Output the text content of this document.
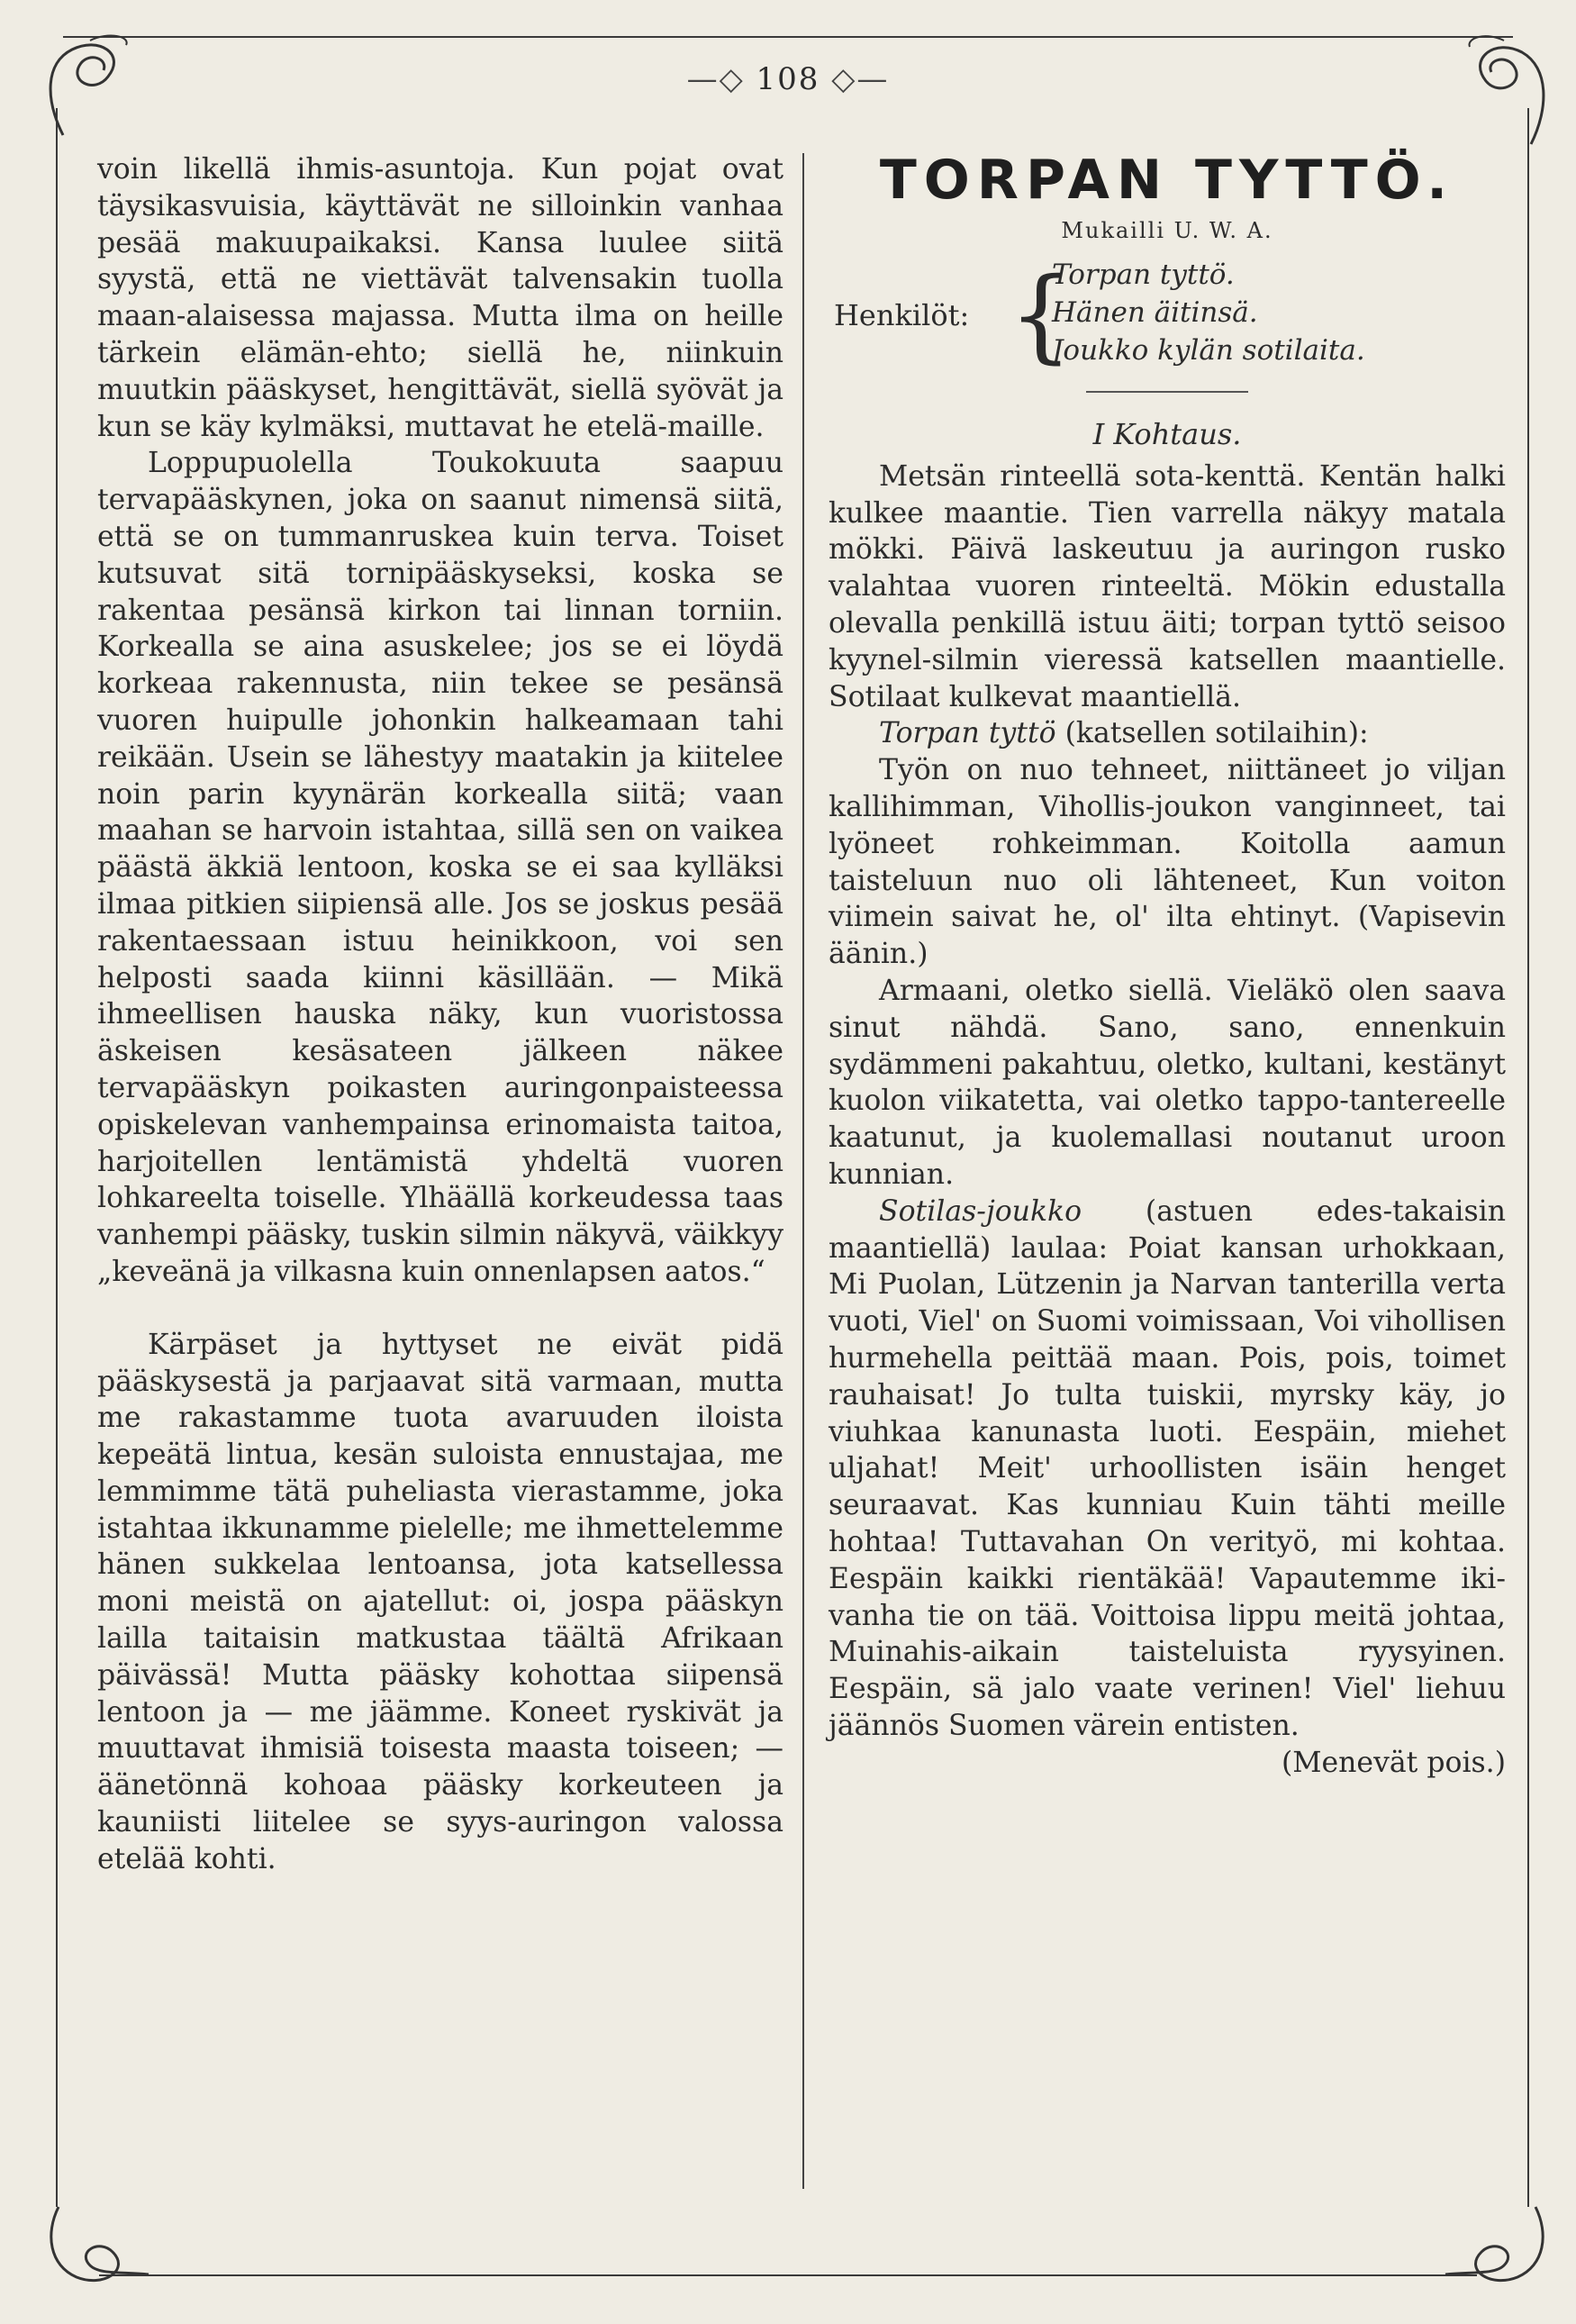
—◇ 108 ◇—

voin likellä ihmis-asuntoja. Kun pojat ovat täysikasvuisia, käyttävät ne silloinkin vanhaa pesää makuupaikaksi. Kansa luulee siitä syystä, että ne viettävät talvensakin tuolla maan-alaisessa majassa. Mutta ilma on heille tärkein elämän-ehto; siellä he, niinkuin muutkin pääskyset, hengittävät, siellä syövät ja kun se käy kylmäksi, muttavat he etelä-maille.

Loppupuolella Toukokuuta saapuu tervapääskynen, joka on saanut nimensä siitä, että se on tummanruskea kuin terva. Toiset kutsuvat sitä tornipääskyseksi, koska se rakentaa pesänsä kirkon tai linnan torniin. Korkealla se aina asuskelee; jos se ei löydä korkeaa rakennusta, niin tekee se pesänsä vuoren huipulle johonkin halkeamaan tahi reikään. Usein se lähestyy maatakin ja kiitelee noin parin kyynärän korkealla siitä; vaan maahan se harvoin istahtaa, sillä sen on vaikea päästä äkkiä lentoon, koska se ei saa kylläksi ilmaa pitkien siipiensä alle. Jos se joskus pesää rakentaessaan istuu heinikkoon, voi sen helposti saada kiinni käsillään. — Mikä ihmeellisen hauska näky, kun vuoristossa äskeisen kesäsateen jälkeen näkee tervapääskyn poikasten auringonpaisteessa opiskelevan vanhempainsa erinomaista taitoa, harjoitellen lentämistä yhdeltä vuoren lohkareelta toiselle. Ylhäällä korkeudessa taas vanhempi pääsky, tuskin silmin näkyvä, väikkyy „keveänä ja vilkasna kuin onnenlapsen aatos.“

Kärpäset ja hyttyset ne eivät pidä pääskysestä ja parjaavat sitä varmaan, mutta me rakastamme tuota avaruuden iloista kepeätä lintua, kesän suloista ennustajaa, me lemmimme tätä puheliasta vierastamme, joka istahtaa ikkunamme pielelle; me ihmettelemme hänen sukkelaa lentoansa, jota katsellessa moni meistä on ajatellut: oi, jospa pääskyn lailla taitaisin matkustaa täältä Afrikaan päivässä! Mutta pääsky kohottaa siipensä lentoon ja — me jäämme. Koneet ryskivät ja muuttavat ihmisiä toisesta maasta toiseen; — äänetönnä kohoaa pääsky korkeuteen ja kauniisti liitelee se syys-auringon valossa etelää kohti.

TORPAN TYTTÖ.
Mukailli U. W. A.
Henkilöt: {
Torpan tyttö.
Hänen äitinsä.
Joukko kylän sotilaita.
I Kohtaus.

Metsän rinteellä sota-kenttä. Kentän halki kulkee maantie. Tien varrella näkyy matala mökki. Päivä laskeutuu ja auringon rusko valahtaa vuoren rinteeltä. Mökin edustalla olevalla penkillä istuu äiti; torpan tyttö seisoo kyynel-silmin vieressä katsellen maantielle. Sotilaat kulkevat maantiellä.

Torpan tyttö (katsellen sotilaihin):

Työn on nuo tehneet, niittäneet jo viljan kallihimman, Vihollis-joukon vanginneet, tai lyöneet rohkeimman. Koitolla aamun taisteluun nuo oli lähteneet, Kun voiton viimein saivat he, ol' ilta ehtinyt. (Vapisevin äänin.)

Armaani, oletko siellä. Vieläkö olen saava sinut nähdä. Sano, sano, ennenkuin sydämmeni pakahtuu, oletko, kultani, kestänyt kuolon viikatetta, vai oletko tappo-tantereelle kaatunut, ja kuolemallasi noutanut uroon kunnian.

Sotilas-joukko (astuen edes-takaisin maantiellä) laulaa: Poiat kansan urhokkaan, Mi Puolan, Lützenin ja Narvan tanterilla verta vuoti, Viel' on Suomi voimissaan, Voi vihollisen hurmehella peittää maan. Pois, pois, toimet rauhaisat! Jo tulta tuiskii, myrsky käy, jo viuhkaa kanunasta luoti. Eespäin, miehet uljahat! Meit' urhoollisten isäin henget seuraavat. Kas kunniau Kuin tähti meille hohtaa! Tuttavahan On verityö, mi kohtaa. Eespäin kaikki rientäkää! Vapautemme iki-vanha tie on tää. Voittoisa lippu meitä johtaa, Muinahis-aikain taisteluista ryysyinen. Eespäin, sä jalo vaate verinen! Viel' liehuu jäännös Suomen värein entisten.

(Menevät pois.)
